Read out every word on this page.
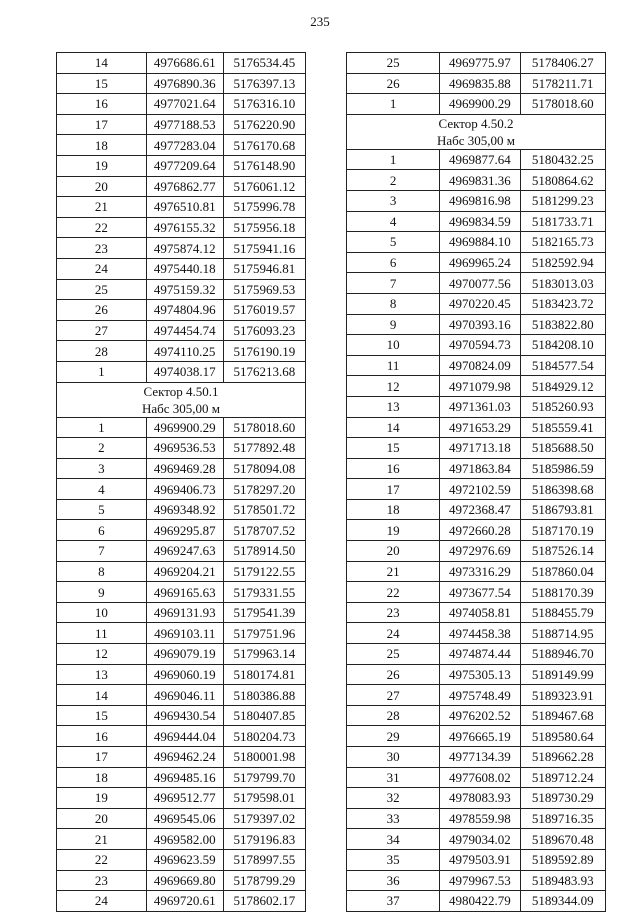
235
14	4976686.61	5176534.45
15	4976890.36	5176397.13
16	4977021.64	5176316.10
17	4977188.53	5176220.90
18	4977283.04	5176170.68
19	4977209.64	5176148.90
20	4976862.77	5176061.12
21	4976510.81	5175996.78
22	4976155.32	5175956.18
23	4975874.12	5175941.16
24	4975440.18	5175946.81
25	4975159.32	5175969.53
26	4974804.96	5176019.57
27	4974454.74	5176093.23
28	4974110.25	5176190.19
1	4974038.17	5176213.68

Сектор 4.50.1
Набс 305,00 м		

1	4969900.29	5178018.60
2	4969536.53	5177892.48
3	4969469.28	5178094.08
4	4969406.73	5178297.20
5	4969348.92	5178501.72
6	4969295.87	5178707.52
7	4969247.63	5178914.50
8	4969204.21	5179122.55
9	4969165.63	5179331.55
10	4969131.93	5179541.39
11	4969103.11	5179751.96
12	4969079.19	5179963.14
13	4969060.19	5180174.81
14	4969046.11	5180386.88
15	4969430.54	5180407.85
16	4969444.04	5180204.73
17	4969462.24	5180001.98
18	4969485.16	5179799.70
19	4969512.77	5179598.01
20	4969545.06	5179397.02
21	4969582.00	5179196.83
22	4969623.59	5178997.55
23	4969669.80	5178799.29
24	4969720.61	5178602.17
25	4969775.97	5178406.27
26	4969835.88	5178211.71
1	4969900.29	5178018.60

Сектор 4.50.2
Набс 305,00 м		

1	4969877.64	5180432.25
2	4969831.36	5180864.62
3	4969816.98	5181299.23
4	4969834.59	5181733.71
5	4969884.10	5182165.73
6	4969965.24	5182592.94
7	4970077.56	5183013.03
8	4970220.45	5183423.72
9	4970393.16	5183822.80
10	4970594.73	5184208.10
11	4970824.09	5184577.54
12	4971079.98	5184929.12
13	4971361.03	5185260.93
14	4971653.29	5185559.41
15	4971713.18	5185688.50
16	4971863.84	5185986.59
17	4972102.59	5186398.68
18	4972368.47	5186793.81
19	4972660.28	5187170.19
20	4972976.69	5187526.14
21	4973316.29	5187860.04
22	4973677.54	5188170.39
23	4974058.81	5188455.79
24	4974458.38	5188714.95
25	4974874.44	5188946.70
26	4975305.13	5189149.99
27	4975748.49	5189323.91
28	4976202.52	5189467.68
29	4976665.19	5189580.64
30	4977134.39	5189662.28
31	4977608.02	5189712.24
32	4978083.93	5189730.29
33	4978559.98	5189716.35
34	4979034.02	5189670.48
35	4979503.91	5189592.89
36	4979967.53	5189483.93
37	4980422.79	5189344.09
